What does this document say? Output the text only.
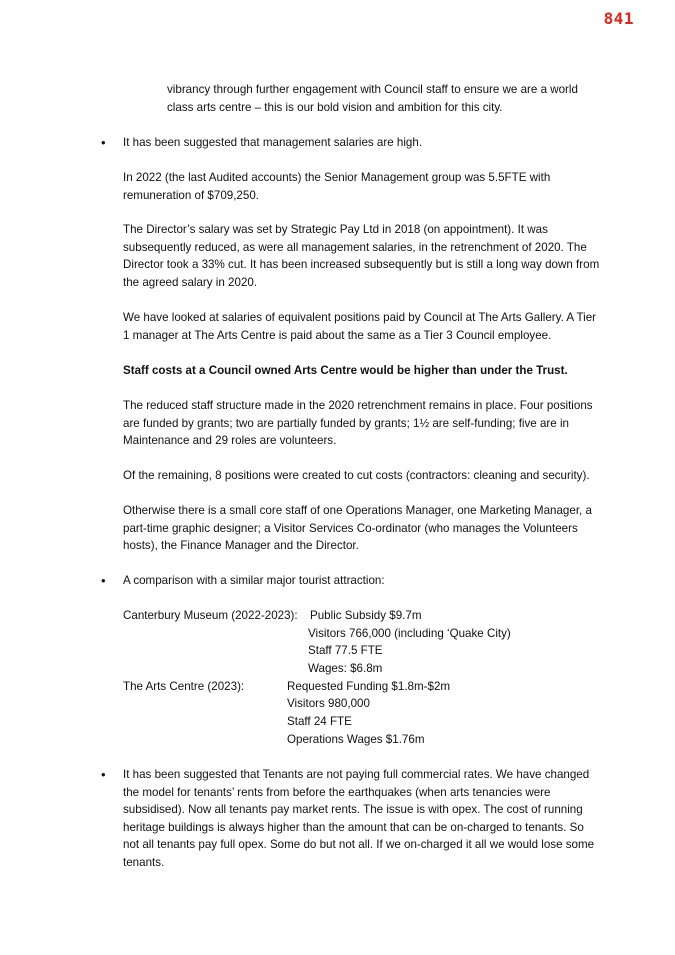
841

vibrancy through further engagement with Council staff to ensure we are a world class arts centre – this is our bold vision and ambition for this city.

• It has been suggested that management salaries are high.

In 2022 (the last Audited accounts) the Senior Management group was 5.5FTE with remuneration of $709,250.

The Director’s salary was set by Strategic Pay Ltd in 2018 (on appointment). It was subsequently reduced, as were all management salaries, in the retrenchment of 2020. The Director took a 33% cut. It has been increased subsequently but is still a long way down from the agreed salary in 2020.

We have looked at salaries of equivalent positions paid by Council at The Arts Gallery. A Tier 1 manager at The Arts Centre is paid about the same as a Tier 3 Council employee.

Staff costs at a Council owned Arts Centre would be higher than under the Trust.

The reduced staff structure made in the 2020 retrenchment remains in place. Four positions are funded by grants; two are partially funded by grants; 1½ are self-funding; five are in Maintenance and 29 roles are volunteers.

Of the remaining, 8 positions were created to cut costs (contractors: cleaning and security).

Otherwise there is a small core staff of one Operations Manager, one Marketing Manager, a part-time graphic designer; a Visitor Services Co-ordinator (who manages the Volunteers hosts), the Finance Manager and the Director.

• A comparison with a similar major tourist attraction:

Canterbury Museum (2022-2023): Public Subsidy $9.7m
Visitors 766,000 (including ‘Quake City)
Staff 77.5 FTE
Wages: $6.8m
The Arts Centre (2023):	Requested Funding $1.8m-$2m
Visitors 980,000
Staff 24 FTE
Operations Wages $1.76m
• It has been suggested that Tenants are not paying full commercial rates. We have changed the model for tenants’ rents from before the earthquakes (when arts tenancies were subsidised). Now all tenants pay market rents. The issue is with opex. The cost of running heritage buildings is always higher than the amount that can be on-charged to tenants. So not all tenants pay full opex. Some do but not all. If we on-charged it all we would lose some tenants.
